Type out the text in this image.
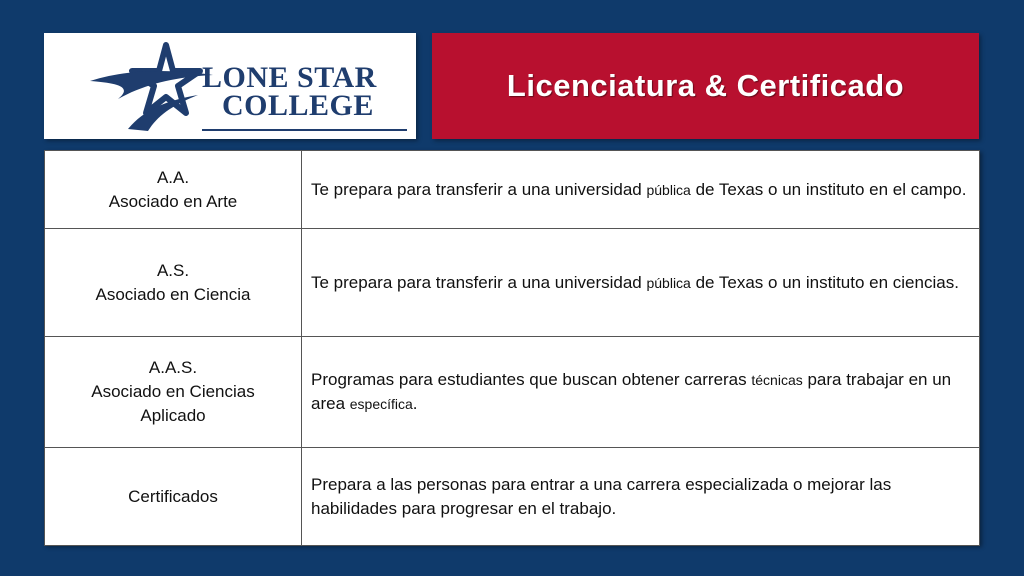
LONE STAR
COLLEGE
Licenciatura & Certificado
A.A.
Asociado en Arte	Te prepara para transferir a una universidad pública de Texas o un instituto en el campo.

A.S.
Asociado en Ciencia	Te prepara para transferir a una universidad pública de Texas o un instituto en ciencias.

A.A.S.
Asociado en Ciencias
Aplicado	Programas para estudiantes que buscan obtener carreras técnicas para trabajar en un area específica.

Certificados	Prepara a las personas para entrar a una carrera especializada o mejorar las habilidades para progresar en el trabajo.
